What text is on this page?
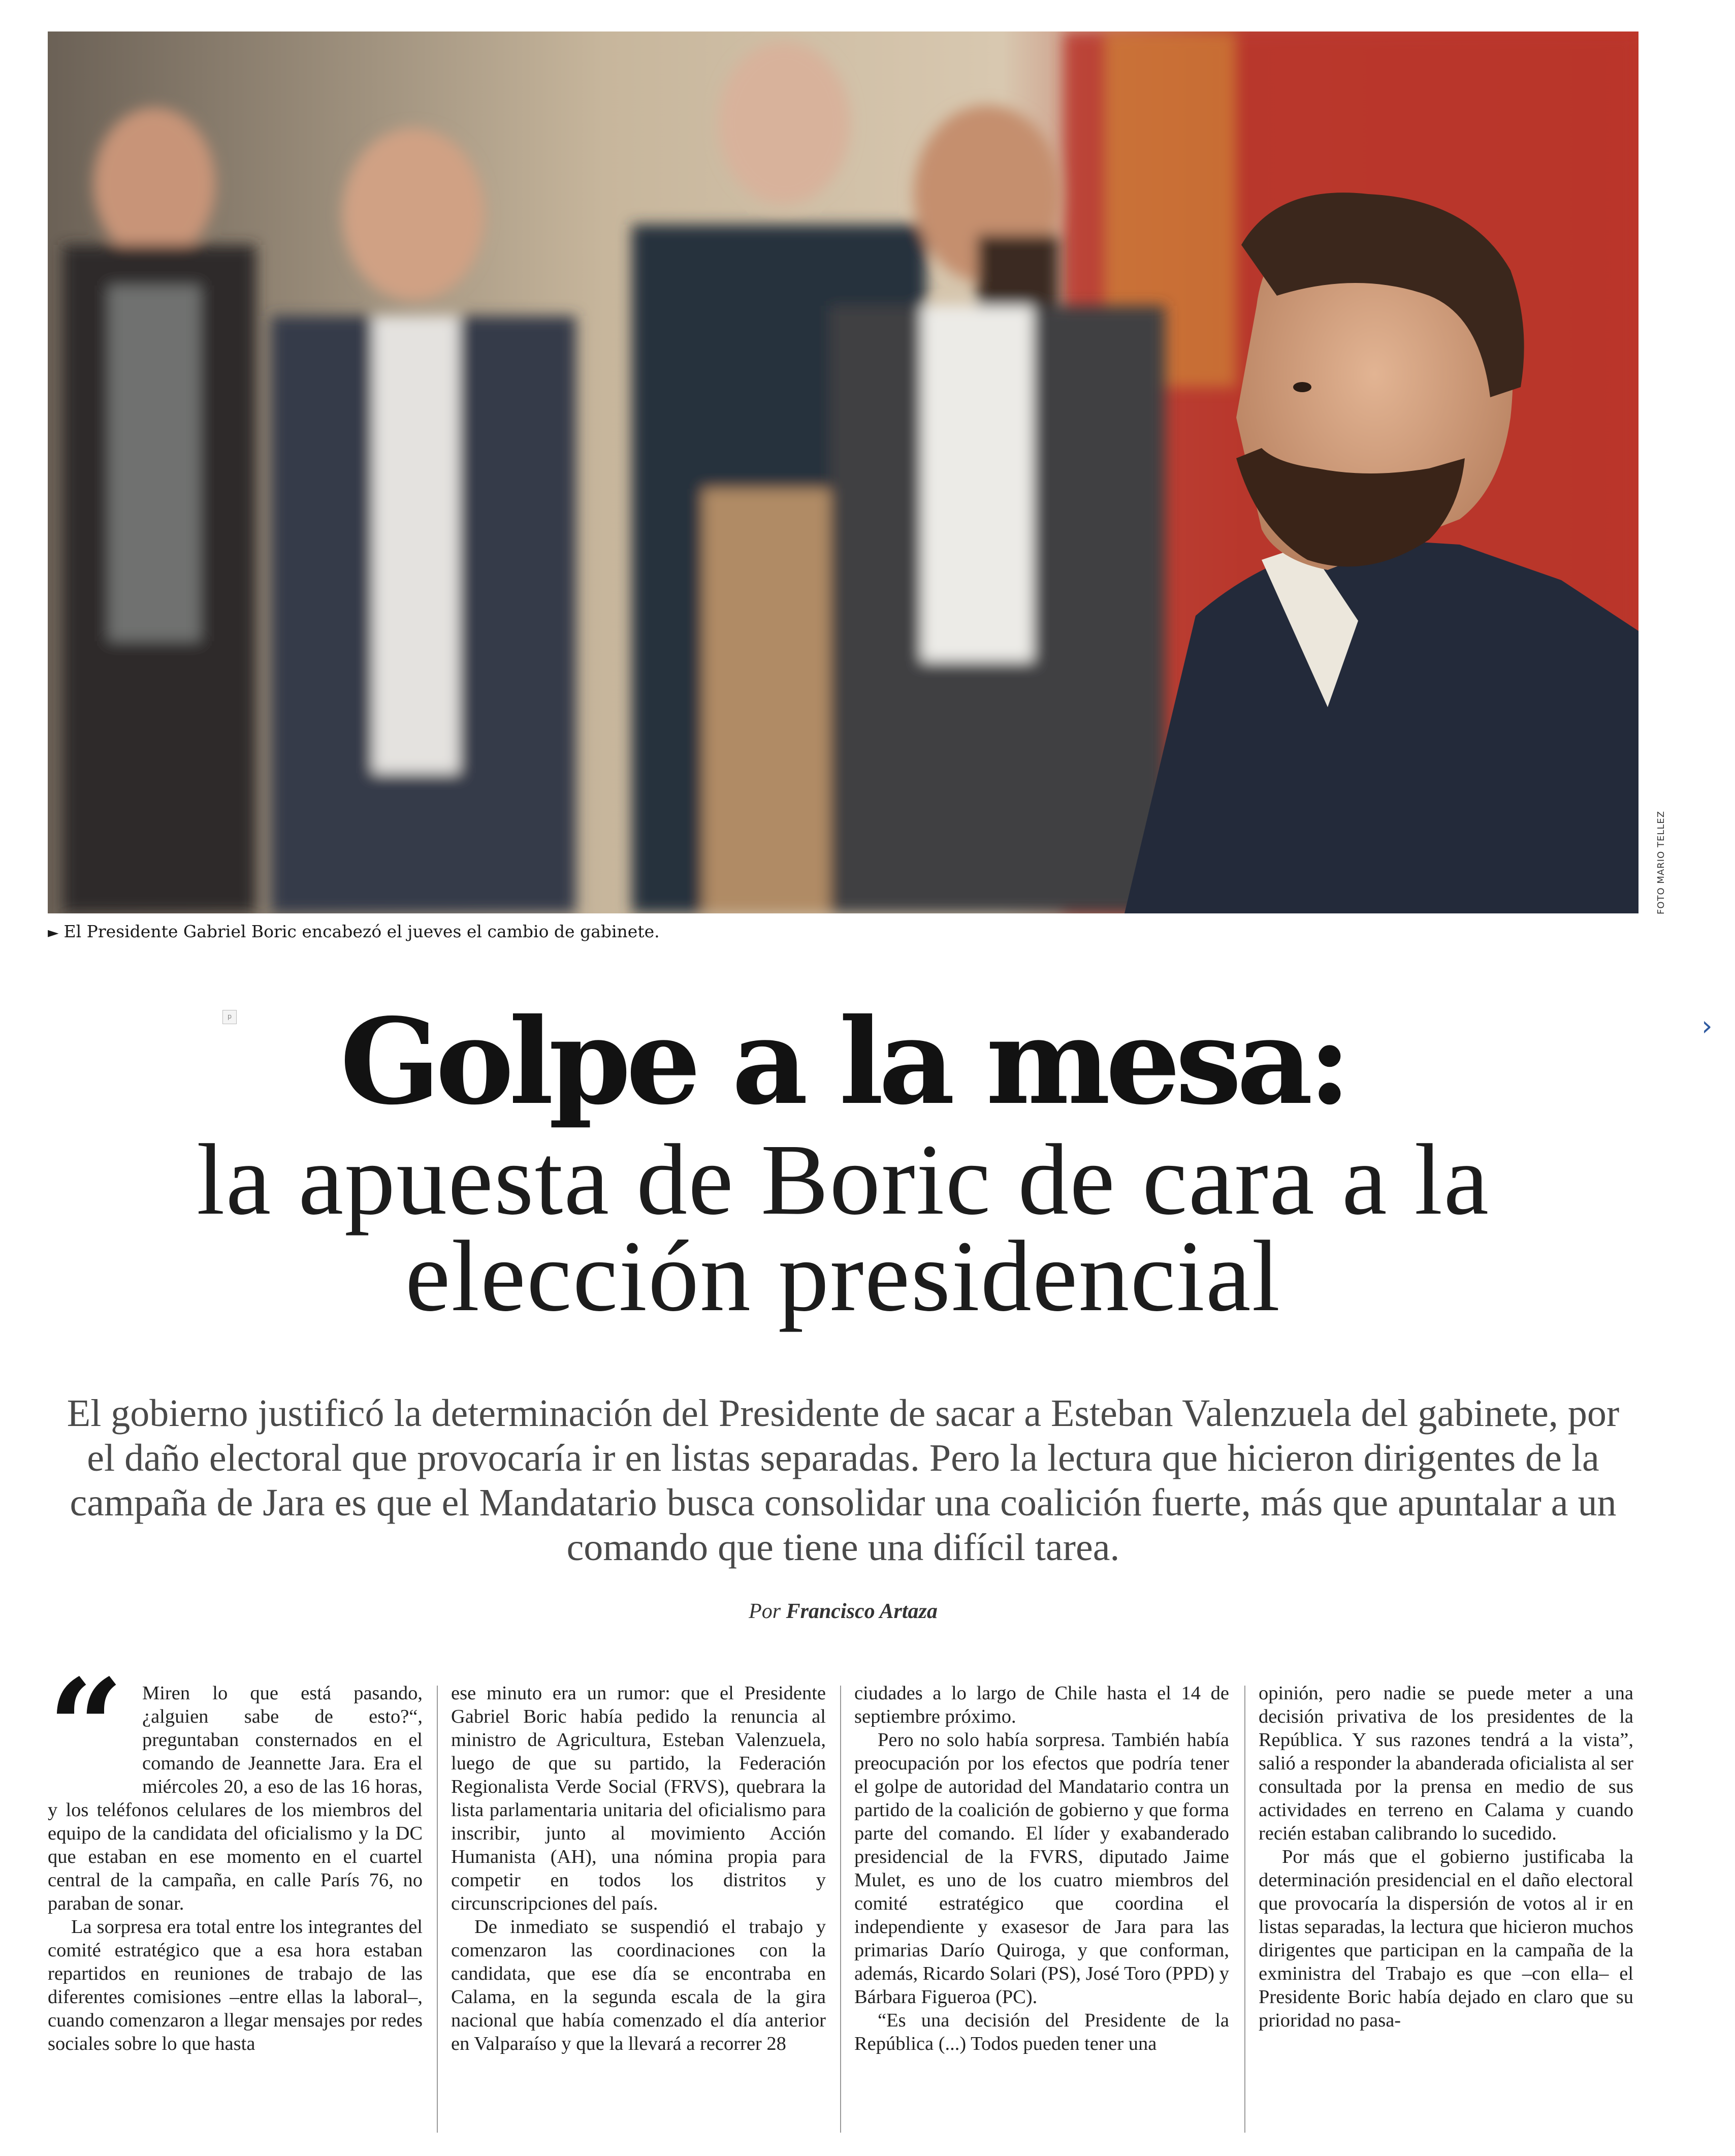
FOTO MARIO TELLEZ
► El Presidente Gabriel Boric encabezó el jueves el cambio de gabinete.
p	›
Golpe a la mesa:
la apuesta de Boric de cara a la
elección presidencial
El gobierno justificó la determinación del Presidente de sacar a Esteban Valenzuela del gabinete, por el daño electoral que provocaría ir en listas separadas. Pero la lectura que hicieron dirigentes de la campaña de Jara es que el Mandatario busca consolidar una coalición fuerte, más que apuntalar a un comando que tiene una difícil tarea.
Por Francisco Artaza
“ Miren lo que está pasando, ¿alguien sabe de esto?“, preguntaban consternados en el comando de Jeannette Jara. Era el miércoles 20, a eso de las 16 horas, y los teléfonos celulares de los miembros del equipo de la candidata del oficialismo y la DC que estaban en ese momento en el cuartel central de la campaña, en calle París 76, no paraban de sonar.

La sorpresa era total entre los integrantes del comité estratégico que a esa hora estaban repartidos en reuniones de trabajo de las diferentes comisiones –entre ellas la laboral–, cuando comenzaron a llegar mensajes por redes sociales sobre lo que hasta

ese minuto era un rumor: que el Presidente Gabriel Boric había pedido la renuncia al ministro de Agricultura, Esteban Valenzuela, luego de que su partido, la Federación Regionalista Verde Social (FRVS), quebrara la lista parlamentaria unitaria del oficialismo para inscribir, junto al movimiento Acción Humanista (AH), una nómina propia para competir en todos los distritos y circunscripciones del país.

De inmediato se suspendió el trabajo y comenzaron las coordinaciones con la candidata, que ese día se encontraba en Calama, en la segunda escala de la gira nacional que había comenzado el día anterior en Valparaíso y que la llevará a recorrer 28

ciudades a lo largo de Chile hasta el 14 de septiembre próximo.

Pero no solo había sorpresa. También había preocupación por los efectos que podría tener el golpe de autoridad del Mandatario contra un partido de la coalición de gobierno y que forma parte del comando. El líder y exabanderado presidencial de la FVRS, diputado Jaime Mulet, es uno de los cuatro miembros del comité estratégico que coordina el independiente y exasesor de Jara para las primarias Darío Quiroga, y que conforman, además, Ricardo Solari (PS), José Toro (PPD) y Bárbara Figueroa (PC).

“Es una decisión del Presidente de la República (...) Todos pueden tener una

opinión, pero nadie se puede meter a una decisión privativa de los presidentes de la República. Y sus razones tendrá a la vista”, salió a responder la abanderada oficialista al ser consultada por la prensa en medio de sus actividades en terreno en Calama y cuando recién estaban calibrando lo sucedido.

Por más que el gobierno justificaba la determinación presidencial en el daño electoral que provocaría la dispersión de votos al ir en listas separadas, la lectura que hicieron muchos dirigentes que participan en la campaña de la exministra del Trabajo es que –con ella– el Presidente Boric había dejado en claro que su prioridad no pasa-
